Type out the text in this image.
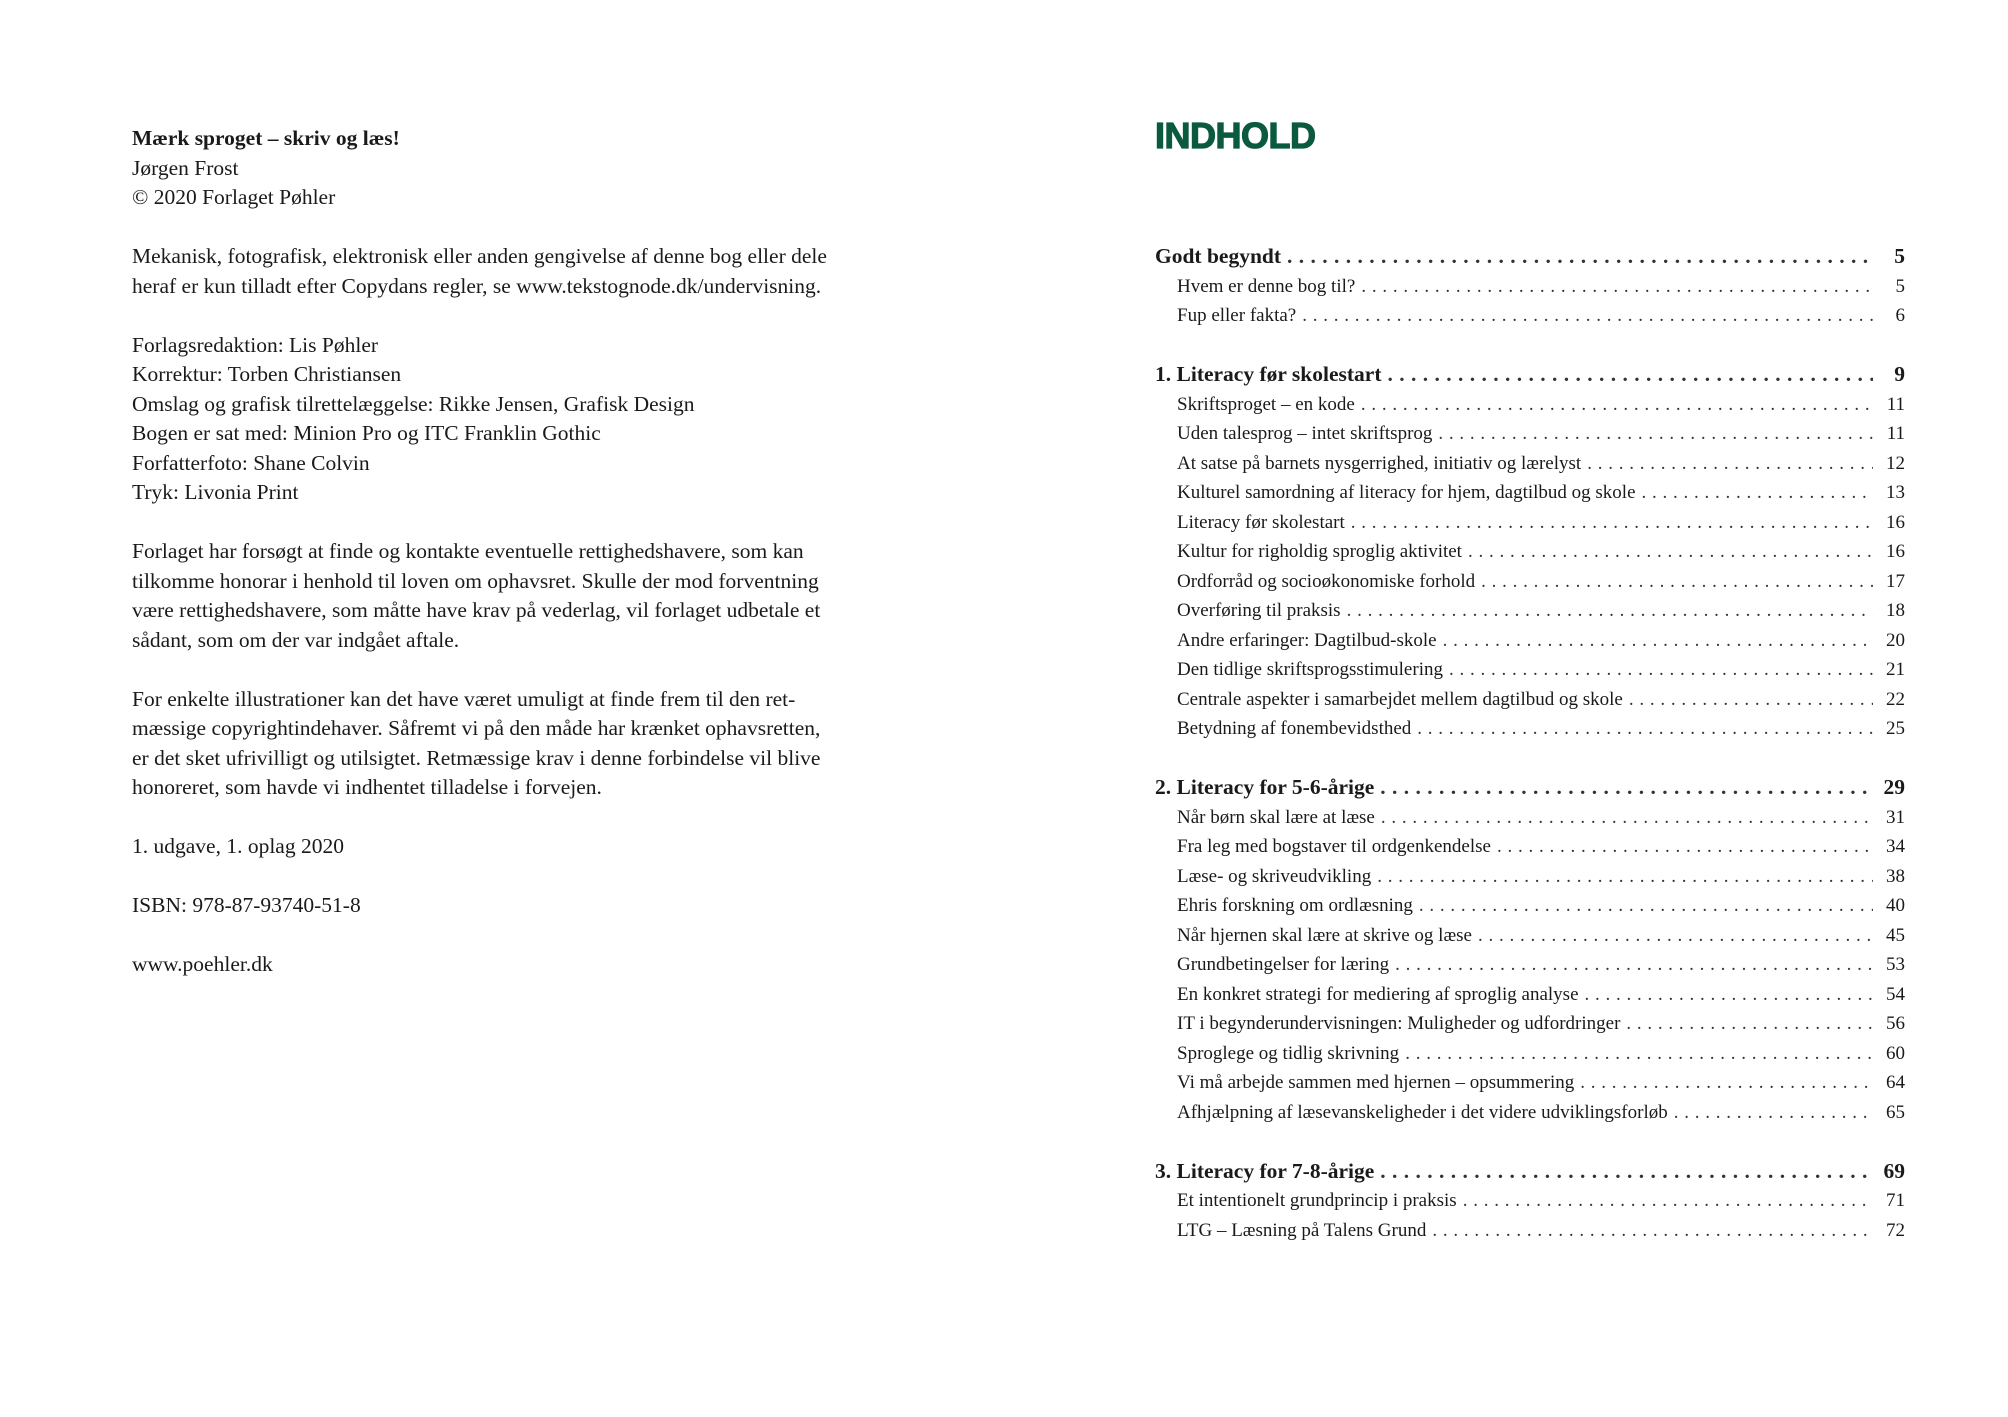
Mærk sproget – skriv og læs!
Jørgen Frost
© 2020 Forlaget Pøhler

Mekanisk, fotografisk, elektronisk eller anden gengivelse af denne bog eller dele
heraf er kun tilladt efter Copydans regler, se www.tekstognode.dk/undervisning.

Forlagsredaktion: Lis Pøhler
Korrektur: Torben Christiansen
Omslag og grafisk tilrettelæggelse: Rikke Jensen, Grafisk Design
Bogen er sat med: Minion Pro og ITC Franklin Gothic
Forfatterfoto: Shane Colvin
Tryk: Livonia Print

Forlaget har forsøgt at finde og kontakte eventuelle rettighedshavere, som kan
tilkomme honorar i henhold til loven om ophavsret. Skulle der mod forventning
være rettighedshavere, som måtte have krav på vederlag, vil forlaget udbetale et
sådant, som om der var indgået aftale.

For enkelte illustrationer kan det have været umuligt at finde frem til den ret-
mæssige copyrightindehaver. Såfremt vi på den måde har krænket ophavsretten,
er det sket ufrivilligt og utilsigtet. Retmæssige krav i denne forbindelse vil blive
honoreret, som havde vi indhentet tilladelse i forvejen.

1. udgave, 1. oplag 2020

ISBN: 978-87-93740-51-8

www.poehler.dk

INDHOLD
Godt begyndt . . .	5
Hvem er denne bog til? . . .	5
Fup eller fakta? . . .	6
1. Literacy før skolestart . . .	9
Skriftsproget – en kode . . .	11
Uden talesprog – intet skriftsprog . . .	11
At satse på barnets nysgerrighed, initiativ og lærelyst . . .	12
Kulturel samordning af literacy for hjem, dagtilbud og skole . . .	13
Literacy før skolestart . . .	16
Kultur for righoldig sproglig aktivitet . . .	16
Ordforråd og socioøkonomiske forhold . . .	17
Overføring til praksis . . .	18
Andre erfaringer: Dagtilbud-skole . . .	20
Den tidlige skriftsprogsstimulering . . .	21
Centrale aspekter i samarbejdet mellem dagtilbud og skole . . .	22
Betydning af fonembevidsthed . . .	25
2. Literacy for 5-6-årige . . .	29
Når børn skal lære at læse . . .	31
Fra leg med bogstaver til ordgenkendelse . . .	34
Læse- og skriveudvikling . . .	38
Ehris forskning om ordlæsning . . .	40
Når hjernen skal lære at skrive og læse . . .	45
Grundbetingelser for læring . . .	53
En konkret strategi for mediering af sproglig analyse . . .	54
IT i begynderundervisningen: Muligheder og udfordringer . . .	56
Sproglege og tidlig skrivning . . .	60
Vi må arbejde sammen med hjernen – opsummering . . .	64
Afhjælpning af læsevanskeligheder i det videre udviklingsforløb . . .	65
3. Literacy for 7-8-årige . . .	69
Et intentionelt grundprincip i praksis . . .	71
LTG – Læsning på Talens Grund . . .	72
